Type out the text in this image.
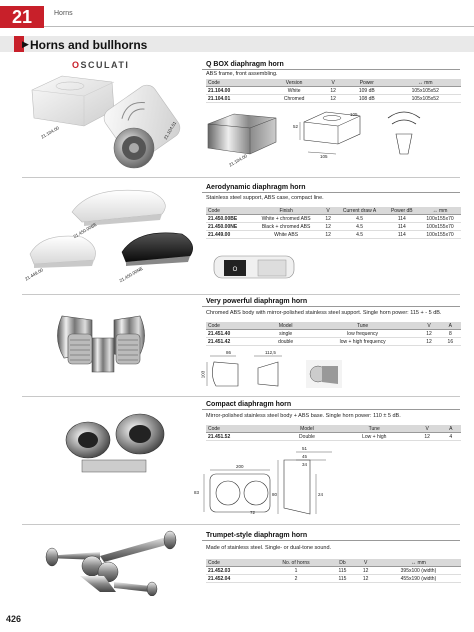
21	Horns
▶ Horns and bullhorns
OSCULATI
21.104.00	21.104.01
Q BOX diaphragm horn
ABS frame, front assembling.
Code	Version	V	Power	↔ mm
21.104.00	White	12	109 dB	105x105x52
21.104.01	Chromed	12	108 dB	105x105x52
52
105
105
21.104.00
21.450.00BE
21.449.00	21.450.00NE
Aerodynamic diaphragm horn
Stainless steel support, ABS case, compact line.
Code	Finish	V	Current draw A	Power dB	↔ mm
21.450.00BE	White + chromed ABS	12	4.5	114	100x155x70
21.450.00NE	Black + chromed ABS	12	4.5	114	100x155x70
21.449.00	White ABS	12	4.5	114	100x155x70
O
Very powerful diaphragm horn
Chromed ABS body with mirror-polished stainless steel support. Single horn power: 115 + - 5 dB.
Code	Model	Tune	V	A
21.451.40	single	low frequency	12	8
21.451.42	double	low + high frequency	12	16
86	112,5
103
Compact diaphragm horn
Mirror-polished stainless steel body + ABS base. Single horn power: 110 ± 5 dB.
Code	Model	Tune	V	A
21.451.52	Double	Low + high	12	4
51
45
34
200
83	24
80
72
Trumpet-style diaphragm horn
Made of stainless steel. Single- or dual-tone sound.
Code	No. of horns	Db	V	↔ mm
21.452.03	1	115	12	395x100 (width)
21.452.04	2	115	12	455x190 (width)
426
